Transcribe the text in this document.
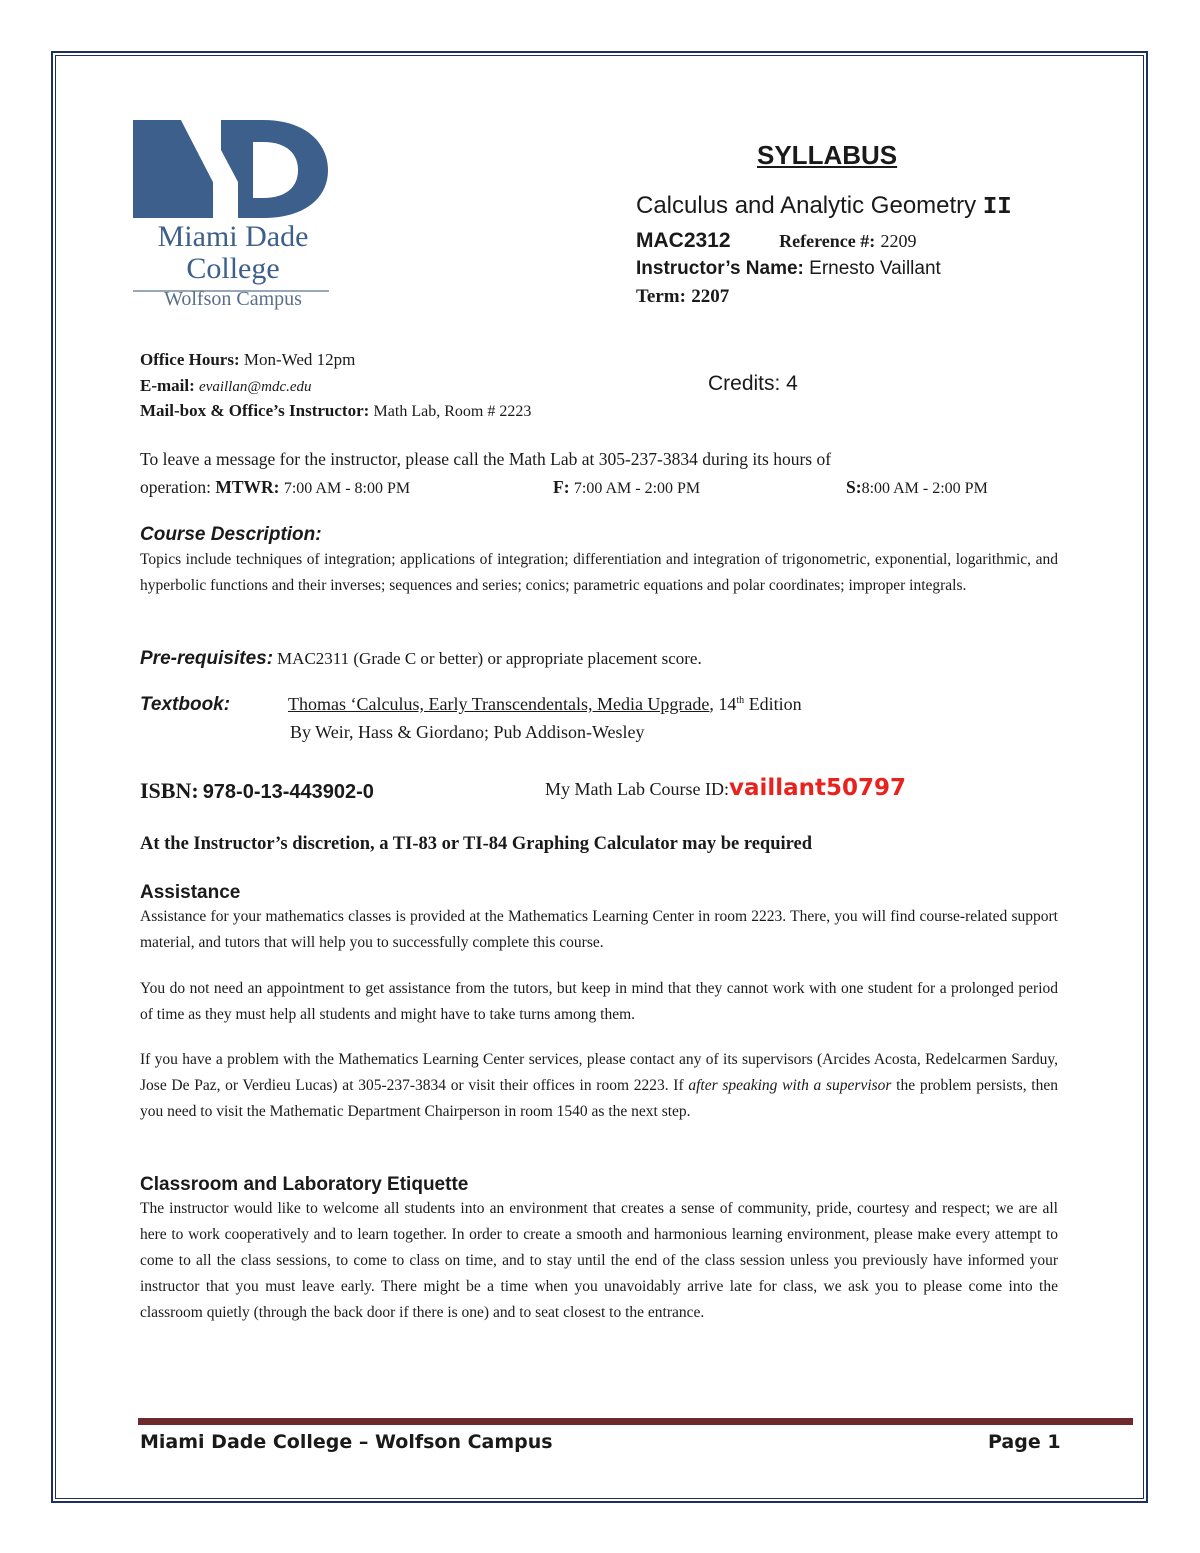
Miami Dade
College
Wolfson Campus
SYLLABUS
Calculus and Analytic Geometry II
MAC2312	Reference #: 2209
Instructor’s Name: Ernesto Vaillant
Term: 2207
Office Hours: Mon-Wed 12pm
E-mail: evaillan@mdc.edu	Credits: 4
Mail-box & Office’s Instructor: Math Lab, Room # 2223
To leave a message for the instructor, please call the Math Lab at 305-237-3834 during its hours of
operation: MTWR: 7:00 AM - 8:00 PM	F: 7:00 AM - 2:00 PM	S:8:00 AM - 2:00 PM
Course Description:
Topics include techniques of integration; applications of integration; differentiation and integration of trigonometric, exponential, logarithmic, and hyperbolic functions and their inverses; sequences and series; conics; parametric equations and polar coordinates; improper integrals.
Pre-requisites: MAC2311 (Grade C or better) or appropriate placement score.
Textbook:	Thomas ‘Calculus, Early Transcendentals, Media Upgrade, 14th Edition
By Weir, Hass & Giordano; Pub Addison-Wesley
ISBN: 978-0-13-443902-0	My Math Lab Course ID:vaillant50797
At the Instructor’s discretion, a TI-83 or TI-84 Graphing Calculator may be required
Assistance
Assistance for your mathematics classes is provided at the Mathematics Learning Center in room 2223. There, you will find course-related support material, and tutors that will help you to successfully complete this course.
You do not need an appointment to get assistance from the tutors, but keep in mind that they cannot work with one student for a prolonged period of time as they must help all students and might have to take turns among them.
If you have a problem with the Mathematics Learning Center services, please contact any of its supervisors (Arcides Acosta, Redelcarmen Sarduy, Jose De Paz, or Verdieu Lucas) at 305-237-3834 or visit their offices in room 2223. If after speaking with a supervisor the problem persists, then you need to visit the Mathematic Department Chairperson in room 1540 as the next step.
Classroom and Laboratory Etiquette
The instructor would like to welcome all students into an environment that creates a sense of community, pride, courtesy and respect; we are all here to work cooperatively and to learn together. In order to create a smooth and harmonious learning environment, please make every attempt to come to all the class sessions, to come to class on time, and to stay until the end of the class session unless you previously have informed your instructor that you must leave early. There might be a time when you unavoidably arrive late for class, we ask you to please come into the classroom quietly (through the back door if there is one) and to seat closest to the entrance.
Miami Dade College – Wolfson Campus	Page 1
